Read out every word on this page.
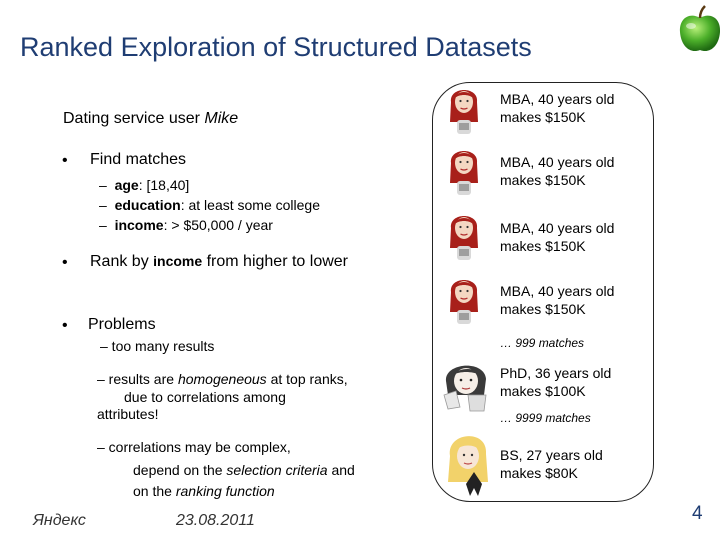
Ranked Exploration of Structured Datasets
Dating service user Mike
• Find matches
–  age: [18,40]
–  education: at least some college
–  income: > $50,000 / year
• Rank by income from higher to lower
• Problems
– too many results
– results are homogeneous at top ranks,
due to correlations among
attributes!
– correlations may be complex,
depend on the selection criteria and
on the ranking function
MBA, 40 years old
makes $150K
MBA, 40 years old
makes $150K
MBA, 40 years old
makes $150K
MBA, 40 years old
makes $150K
… 999 matches
PhD, 36 years old
makes $100K
… 9999 matches
BS, 27 years old
makes $80K
Яндекс	23.08.2011	4
